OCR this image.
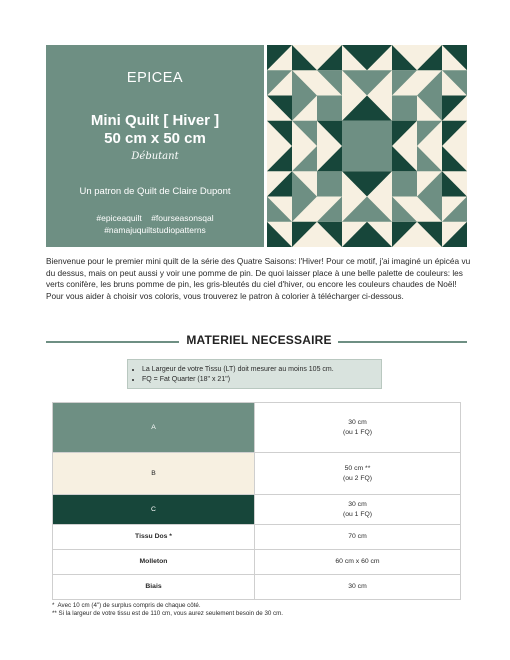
EPICEA
Mini Quilt [ Hiver ]
50 cm x 50 cm
Débutant
Un patron de Quilt de Claire Dupont
#epiceaquilt    #fourseasonsqal
#namajuquiltstudiopatterns

Bienvenue pour le premier mini quilt de la série des Quatre Saisons: l'Hiver! Pour ce motif, j'ai imaginé un épicéa vu du dessus, mais on peut aussi y voir une pomme de pin. De quoi laisser place à une belle palette de couleurs: les verts conifère, les bruns pomme de pin, les gris-bleutés du ciel d'hiver, ou encore les couleurs chaudes de Noël! Pour vous aider à choisir vos coloris, vous trouverez le patron à colorier à télécharger ci-dessous.

MATERIEL NECESSAIRE
• La Largeur de votre Tissu (LT) doit mesurer au moins 105 cm.
• FQ = Fat Quarter (18" x 21")
A	30 cm
(ou 1 FQ)
B	50 cm **
(ou 2 FQ)
C	30 cm
(ou 1 FQ)
Tissu Dos *	70 cm
Molleton	60 cm x 60 cm
Biais	30 cm
*  Avec 10 cm (4") de surplus compris de chaque côté.
** Si la largeur de votre tissu est de 110 cm, vous aurez seulement besoin de 30 cm.
